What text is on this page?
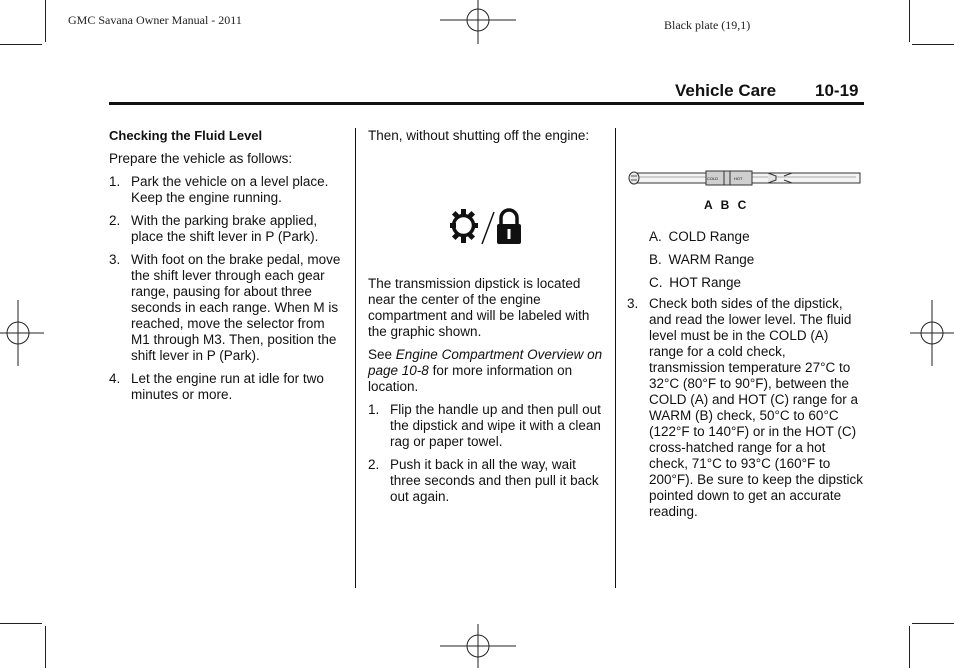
GMC Savana Owner Manual - 2011	Black plate (19,1)
Vehicle Care 10-19

Checking the Fluid Level

Prepare the vehicle as follows:

1. Park the vehicle on a level place. Keep the engine running.
2. With the parking brake applied, place the shift lever in P (Park).
3. With foot on the brake pedal, move the shift lever through each gear range, pausing for about three seconds in each range. When M is reached, move the selector from M1 through M3. Then, position the shift lever in P (Park).
4. Let the engine run at idle for two minutes or more.

Then, without shutting off the engine:

The transmission dipstick is located near the center of the engine compartment and will be labeled with the graphic shown.

See Engine Compartment Overview on page 10-8 for more information on location.

1. Flip the handle up and then pull out the dipstick and wipe it with a clean rag or paper towel.
2. Push it back in all the way, wait three seconds and then pull it back out again.
COLD	HOT
A B C
A. COLD Range
B. WARM Range
C. HOT Range
3. Check both sides of the dipstick, and read the lower level. The fluid level must be in the COLD (A) range for a cold check, transmission temperature 27°C to 32°C (80°F to 90°F), between the COLD (A) and HOT (C) range for a WARM (B) check, 50°C to 60°C (122°F to 140°F) or in the HOT (C) cross-hatched range for a hot check, 71°C to 93°C (160°F to 200°F). Be sure to keep the dipstick pointed down to get an accurate reading.
